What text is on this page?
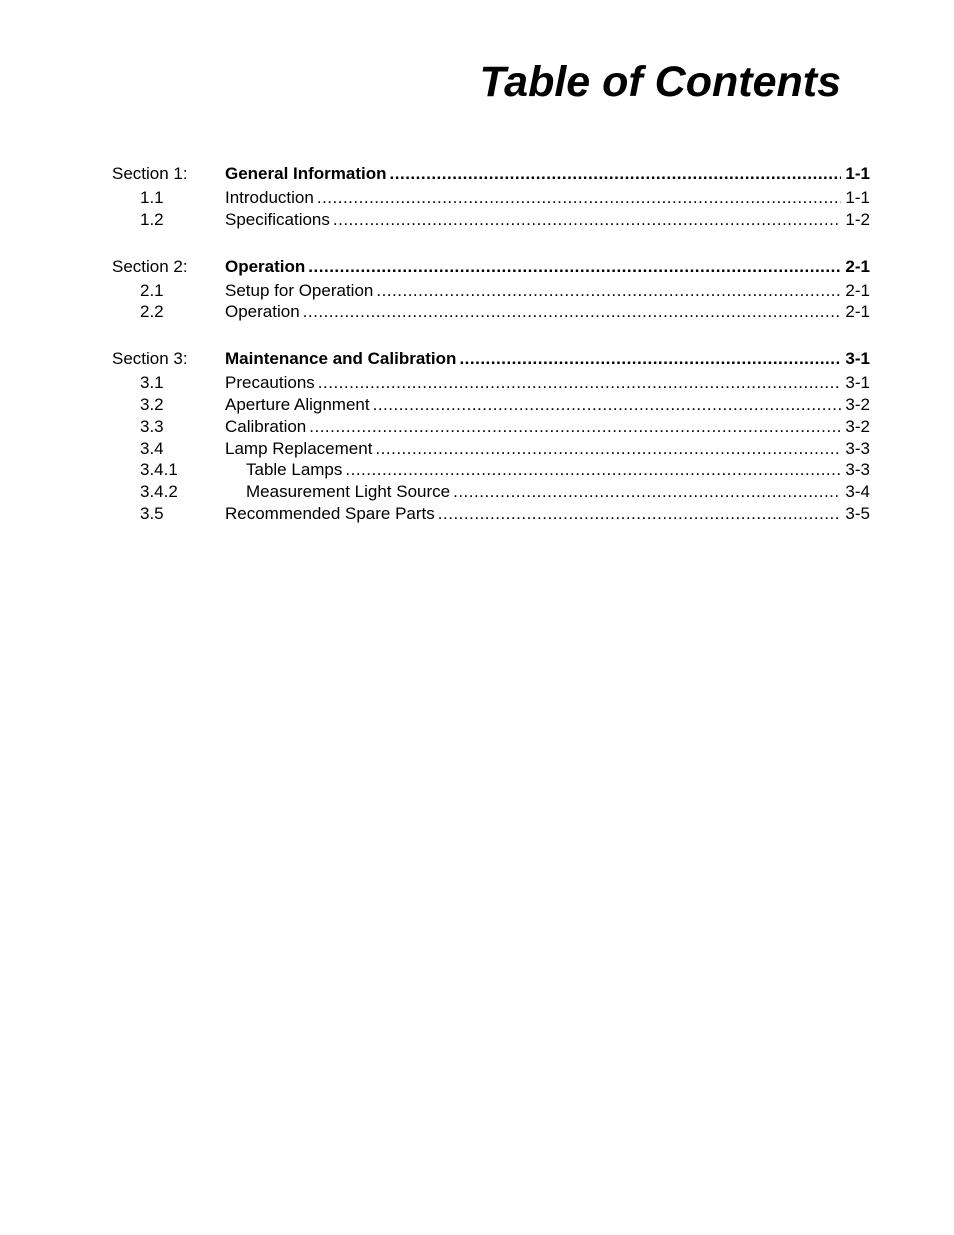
Table of Contents
Section 1:	General Information .....	1-1
1.1	Introduction .....	1-1
1.2	Specifications .....	1-2
Section 2:	Operation .....	2-1
2.1	Setup for Operation .....	2-1
2.2	Operation .....	2-1
Section 3:	Maintenance and Calibration .....	3-1
3.1	Precautions .....	3-1
3.2	Aperture Alignment .....	3-2
3.3	Calibration .....	3-2
3.4	Lamp Replacement .....	3-3
3.4.1	Table Lamps .....	3-3
3.4.2	Measurement Light Source .....	3-4
3.5	Recommended Spare Parts .....	3-5
